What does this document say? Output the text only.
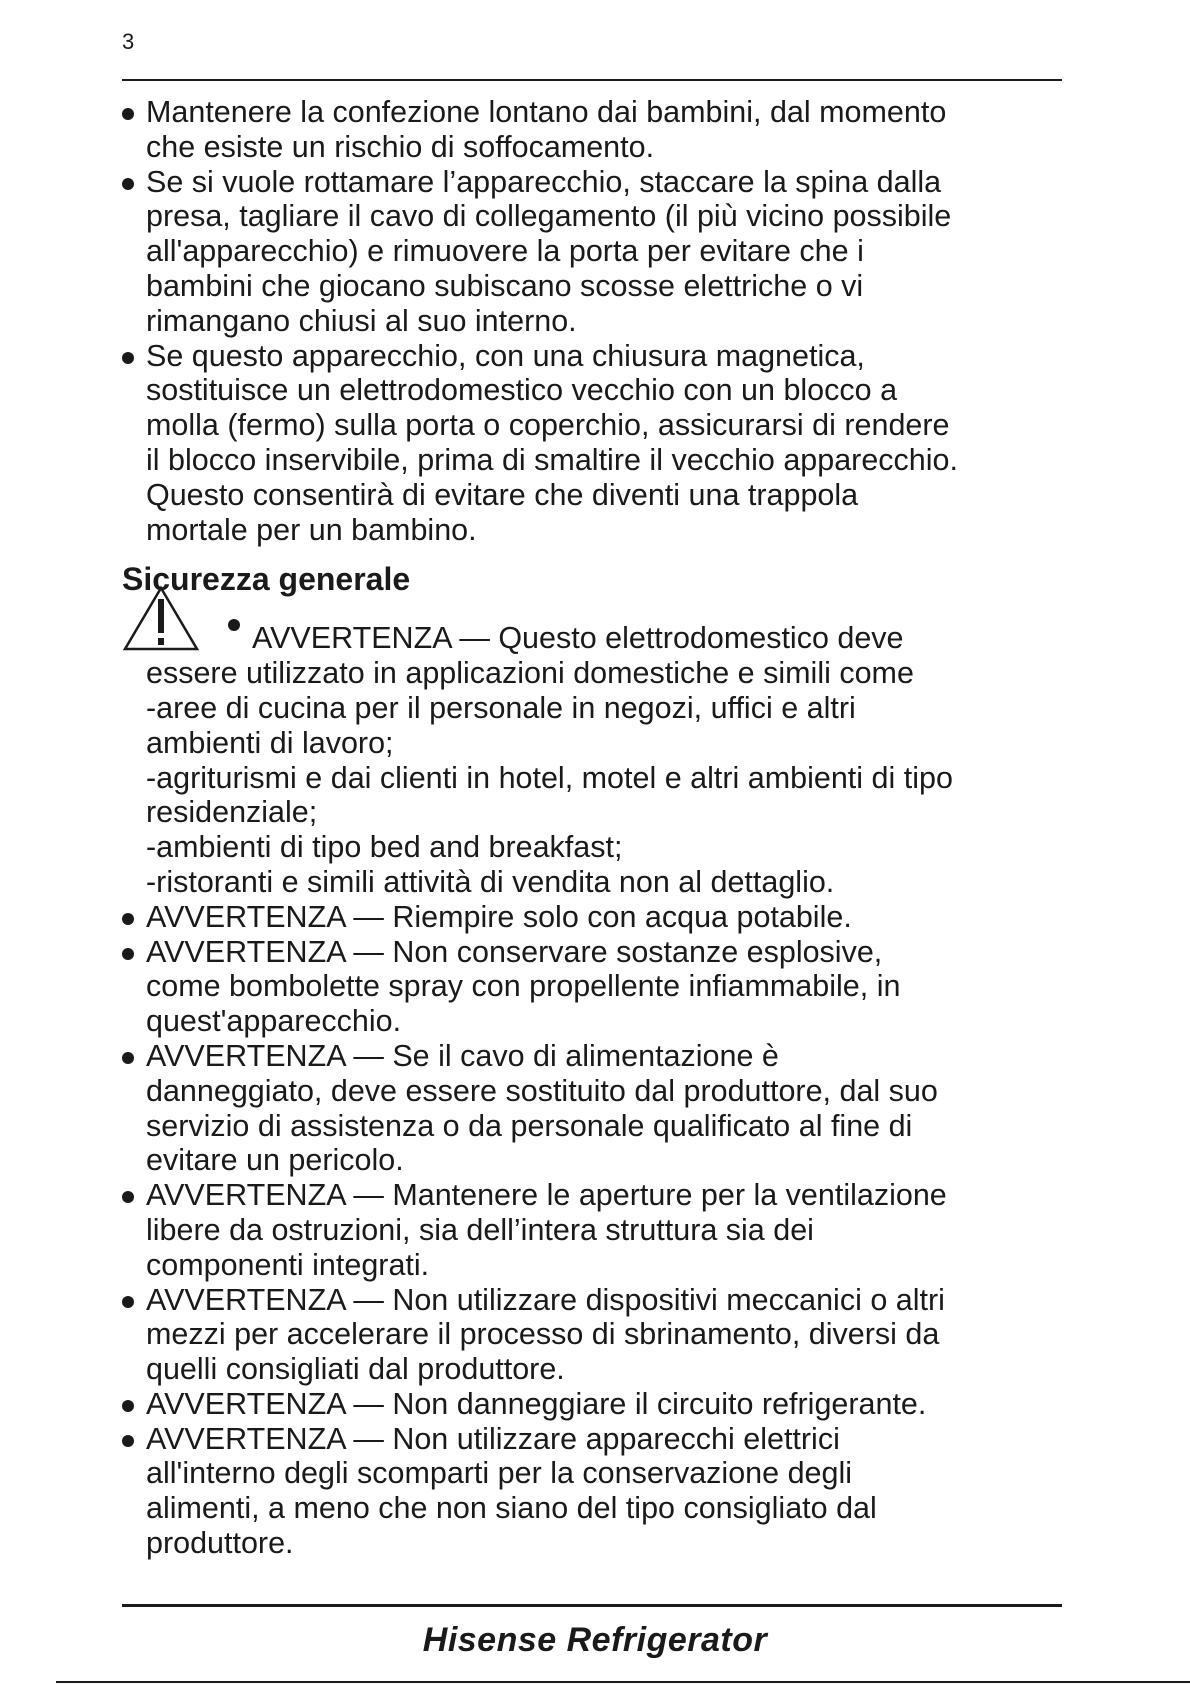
3
Mantenere la confezione lontano dai bambini, dal momento
che esiste un rischio di soffocamento.
Se si vuole rottamare l’apparecchio, staccare la spina dalla
presa, tagliare il cavo di collegamento (il più vicino possibile
all'apparecchio) e rimuovere la porta per evitare che i
bambini che giocano subiscano scosse elettriche o vi
rimangano chiusi al suo interno.
Se questo apparecchio, con una chiusura magnetica,
sostituisce un elettrodomestico vecchio con un blocco a
molla (fermo) sulla porta o coperchio, assicurarsi di rendere
il blocco inservibile, prima di smaltire il vecchio apparecchio.
Questo consentirà di evitare che diventi una trappola
mortale per un bambino.
Sicurezza generale
AVVERTENZA — Questo elettrodomestico deve
essere utilizzato in applicazioni domestiche e simili come
-aree di cucina per il personale in negozi, uffici e altri
ambienti di lavoro;
-agriturismi e dai clienti in hotel, motel e altri ambienti di tipo
residenziale;
-ambienti di tipo bed and breakfast;
-ristoranti e simili attività di vendita non al dettaglio.
AVVERTENZA — Riempire solo con acqua potabile.
AVVERTENZA — Non conservare sostanze esplosive,
come bombolette spray con propellente infiammabile, in
quest'apparecchio.
AVVERTENZA — Se il cavo di alimentazione è
danneggiato, deve essere sostituito dal produttore, dal suo
servizio di assistenza o da personale qualificato al fine di
evitare un pericolo.
AVVERTENZA — Mantenere le aperture per la ventilazione
libere da ostruzioni, sia dell’intera struttura sia dei
componenti integrati.
AVVERTENZA — Non utilizzare dispositivi meccanici o altri
mezzi per accelerare il processo di sbrinamento, diversi da
quelli consigliati dal produttore.
AVVERTENZA — Non danneggiare il circuito refrigerante.
AVVERTENZA — Non utilizzare apparecchi elettrici
all'interno degli scomparti per la conservazione degli
alimenti, a meno che non siano del tipo consigliato dal
produttore.
Hisense Refrigerator
